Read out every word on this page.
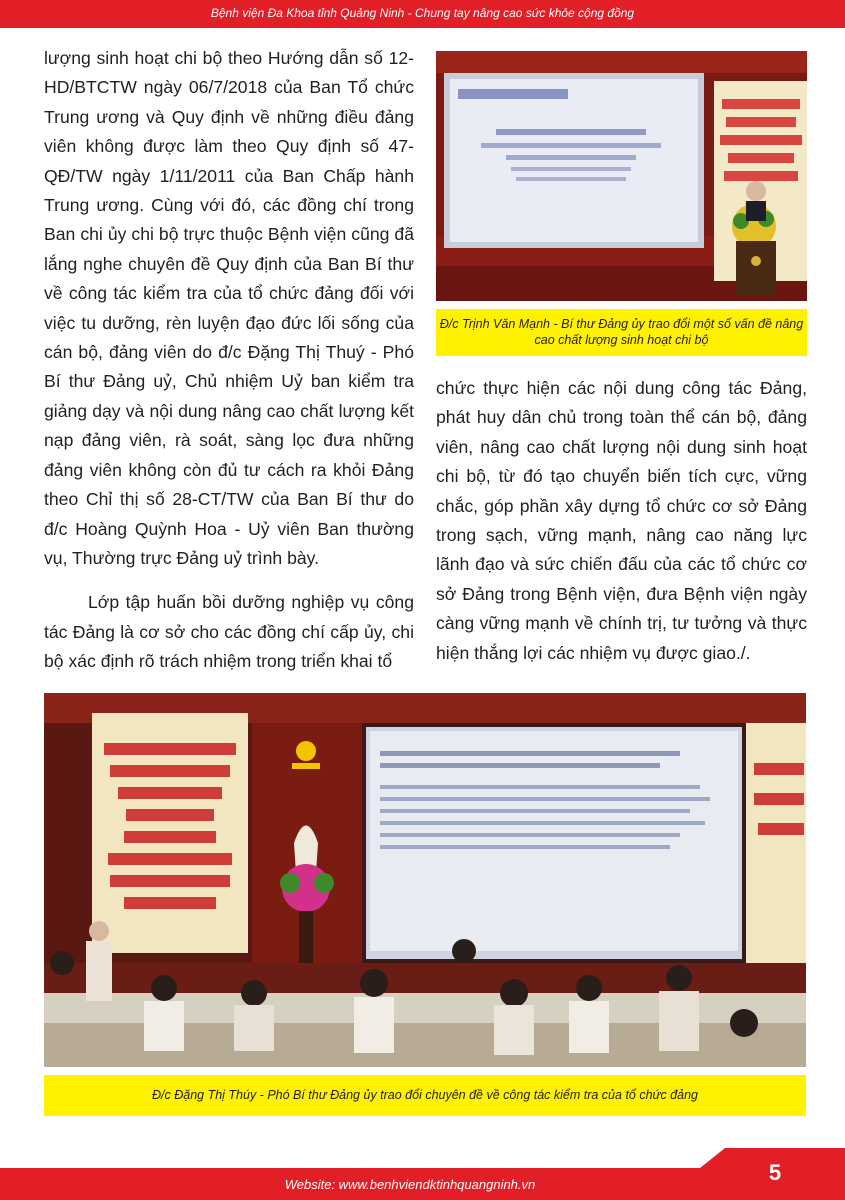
Bệnh viện Đa Khoa tỉnh Quảng Ninh - Chung tay nâng cao sức khỏe cộng đồng

lượng sinh hoạt chi bộ theo Hướng dẫn số 12-HD/BTCTW ngày 06/7/2018 của Ban Tổ chức Trung ương và Quy định về những điều đảng viên không được làm theo Quy định số 47-QĐ/TW ngày 1/11/2011 của Ban Chấp hành Trung ương. Cùng với đó, các đồng chí trong Ban chi ủy chi bộ trực thuộc Bệnh viện cũng đã lắng nghe chuyên đề Quy định của Ban Bí thư về công tác kiểm tra của tổ chức đảng đối với việc tu dưỡng, rèn luyện đạo đức lối sống của cán bộ, đảng viên do đ/c Đặng Thị Thuý - Phó Bí thư Đảng uỷ, Chủ nhiệm Uỷ ban kiểm tra giảng dạy và nội dung nâng cao chất lượng kết nạp đảng viên, rà soát, sàng lọc đưa những đảng viên không còn đủ tư cách ra khỏi Đảng theo Chỉ thị số 28-CT/TW của Ban Bí thư do đ/c Hoàng Quỳnh Hoa - Uỷ viên Ban thường vụ, Thường trực Đảng uỷ trình bày.

Lớp tập huấn bồi dưỡng nghiệp vụ công tác Đảng là cơ sở cho các đồng chí cấp ủy, chi bộ xác định rõ trách nhiệm trong triển khai tổ

Đ/c Trịnh Văn Mạnh - Bí thư Đảng ủy trao đổi một số vấn đề nâng cao chất lượng sinh hoạt chi bộ

chức thực hiện các nội dung công tác Đảng, phát huy dân chủ trong toàn thể cán bộ, đảng viên, nâng cao chất lượng nội dung sinh hoạt chi bộ, từ đó tạo chuyển biến tích cực, vững chắc, góp phần xây dựng tổ chức cơ sở Đảng trong sạch, vững mạnh, nâng cao năng lực lãnh đạo và sức chiến đấu của các tổ chức cơ sở Đảng trong Bệnh viện, đưa Bệnh viện ngày càng vững mạnh về chính trị, tư tưởng và thực hiện thắng lợi các nhiệm vụ được giao./.

Đ/c Đặng Thị Thúy - Phó Bí thư Đảng ủy trao đổi chuyên đề về công tác kiểm tra của tổ chức đảng
Website: www.benhviendktinhquangninh.vn	5
